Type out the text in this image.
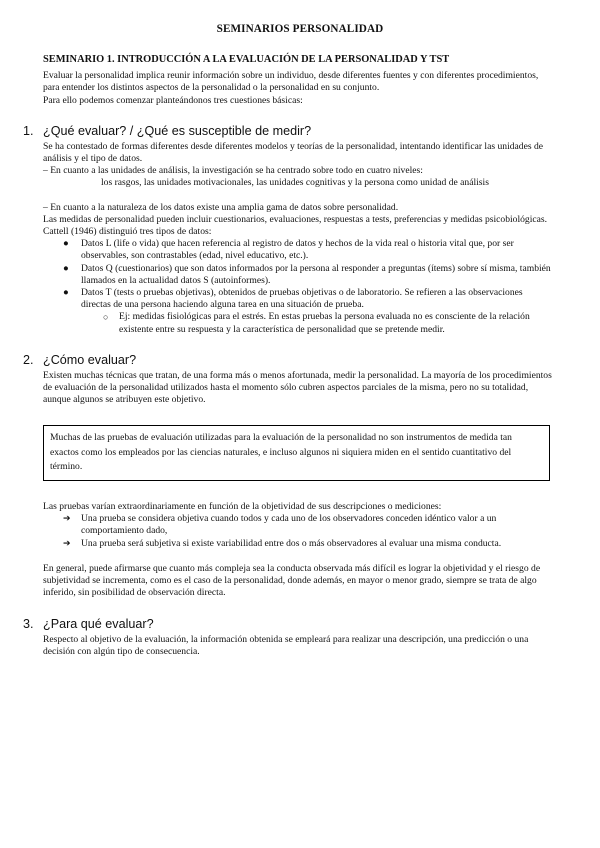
SEMINARIOS PERSONALIDAD
SEMINARIO 1. INTRODUCCIÓN A LA EVALUACIÓN DE LA PERSONALIDAD Y TST

Evaluar la personalidad implica reunir información sobre un individuo, desde diferentes fuentes y con diferentes procedimientos, para entender los distintos aspectos de la personalidad o la personalidad en su conjunto.

Para ello podemos comenzar planteándonos tres cuestiones básicas:

1. ¿Qué evaluar? / ¿Qué es susceptible de medir?

Se ha contestado de formas diferentes desde diferentes modelos y teorías de la personalidad, intentando identificar las unidades de análisis y el tipo de datos.

– En cuanto a las unidades de análisis, la investigación se ha centrado sobre todo en cuatro niveles:

los rasgos, las unidades motivacionales, las unidades cognitivas y la persona como unidad de análisis

– En cuanto a la naturaleza de los datos existe una amplia gama de datos sobre personalidad.

Las medidas de personalidad pueden incluir cuestionarios, evaluaciones, respuestas a tests, preferencias y medidas psicobiológicas. Cattell (1946) distinguió tres tipos de datos:

● Datos L (life o vida) que hacen referencia al registro de datos y hechos de la vida real o historia vital que, por ser observables, son contrastables (edad, nivel educativo, etc.).
● Datos Q (cuestionarios) que son datos informados por la persona al responder a preguntas (ítems) sobre sí misma, también llamados en la actualidad datos S (autoinformes).
● Datos T (tests o pruebas objetivas), obtenidos de pruebas objetivas o de laboratorio. Se refieren a las observaciones directas de una persona haciendo alguna tarea en una situación de prueba.
○ Ej: medidas fisiológicas para el estrés. En estas pruebas la persona evaluada no es consciente de la relación existente entre su respuesta y la característica de personalidad que se pretende medir.
2. ¿Cómo evaluar?

Existen muchas técnicas que tratan, de una forma más o menos afortunada, medir la personalidad. La mayoría de los procedimientos de evaluación de la personalidad utilizados hasta el momento sólo cubren aspectos parciales de la misma, pero no su totalidad, aunque algunos se atribuyen este objetivo.

Muchas de las pruebas de evaluación utilizadas para la evaluación de la personalidad no son instrumentos de medida tan exactos como los empleados por las ciencias naturales, e incluso algunos ni siquiera miden en el sentido cuantitativo del término.

Las pruebas varían extraordinariamente en función de la objetividad de sus descripciones o mediciones:

➔ Una prueba se considera objetiva cuando todos y cada uno de los observadores conceden idéntico valor a un comportamiento dado,
➔ Una prueba será subjetiva si existe variabilidad entre dos o más observadores al evaluar una misma conducta.

En general, puede afirmarse que cuanto más compleja sea la conducta observada más difícil es lograr la objetividad y el riesgo de subjetividad se incrementa, como es el caso de la personalidad, donde además, en mayor o menor grado, siempre se trata de algo inferido, sin posibilidad de observación directa.

3. ¿Para qué evaluar?

Respecto al objetivo de la evaluación, la información obtenida se empleará para realizar una descripción, una predicción o una decisión con algún tipo de consecuencia.
